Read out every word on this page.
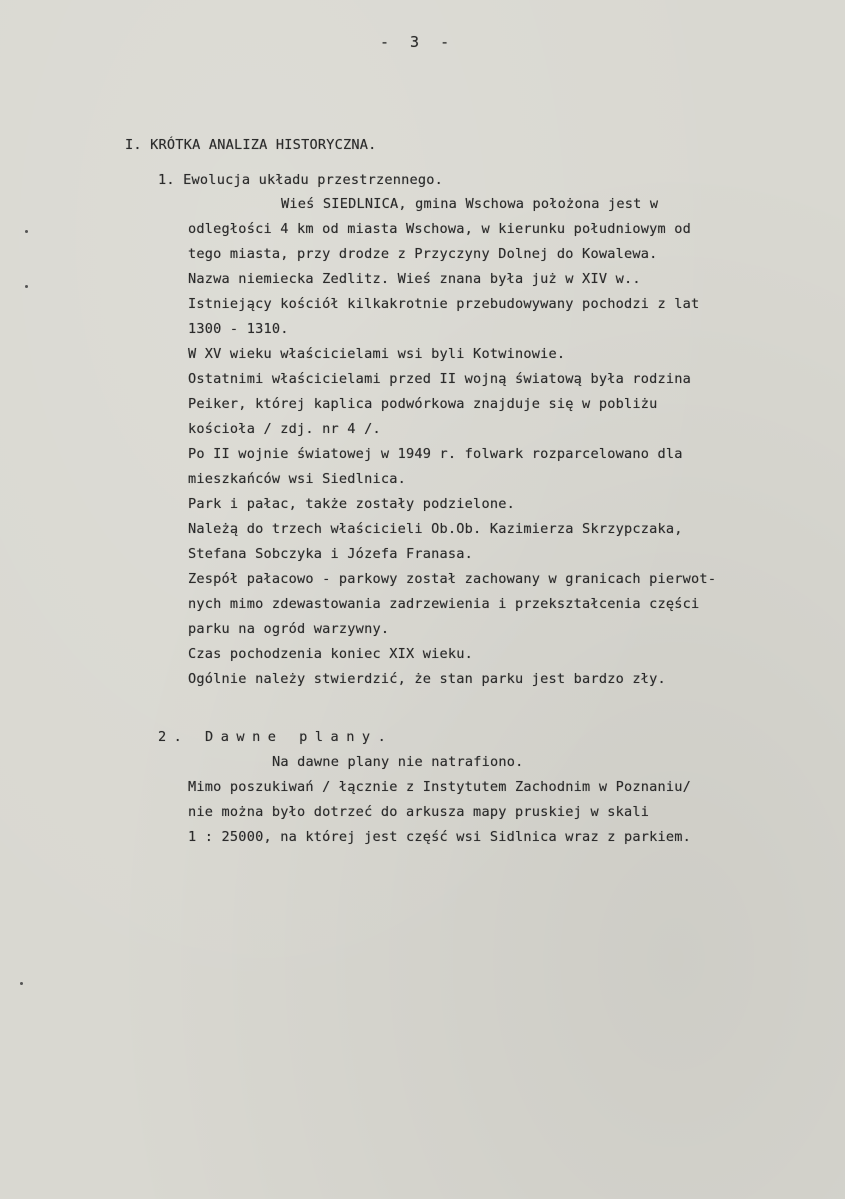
- 3 -
I. KRÓTKA ANALIZA HISTORYCZNA.
1. Ewolucja układu przestrzennego.
Wieś SIEDLNICA, gmina Wschowa położona jest w
odległości 4 km od miasta Wschowa, w kierunku południowym od
tego miasta, przy drodze z Przyczyny Dolnej do Kowalewa.
Nazwa niemiecka Zedlitz. Wieś znana była już w XIV w..
Istniejący kościół kilkakrotnie przebudowywany pochodzi z lat
1300 - 1310.
W XV wieku właścicielami wsi byli Kotwinowie.
Ostatnimi właścicielami przed II wojną światową była rodzina
Peiker, której kaplica podwórkowa znajduje się w pobliżu
kościoła / zdj. nr 4 /.
Po II wojnie światowej w 1949 r. folwark rozparcelowano dla
mieszkańców wsi Siedlnica.
Park i pałac, także zostały podzielone.
Należą do trzech właścicieli Ob.Ob. Kazimierza Skrzypczaka,
Stefana Sobczyka i Józefa Franasa.
Zespół pałacowo - parkowy został zachowany w granicach pierwot-
nych mimo zdewastowania zadrzewienia i przekształcenia części
parku na ogród warzywny.
Czas pochodzenia koniec XIX wieku.
Ogólnie należy stwierdzić, że stan parku jest bardzo zły.
2. Dawne plany.
Na dawne plany nie natrafiono.
Mimo poszukiwań / łącznie z Instytutem Zachodnim w Poznaniu/
nie można było dotrzeć do arkusza mapy pruskiej w skali
1 : 25000, na której jest część wsi Sidlnica wraz z parkiem.
